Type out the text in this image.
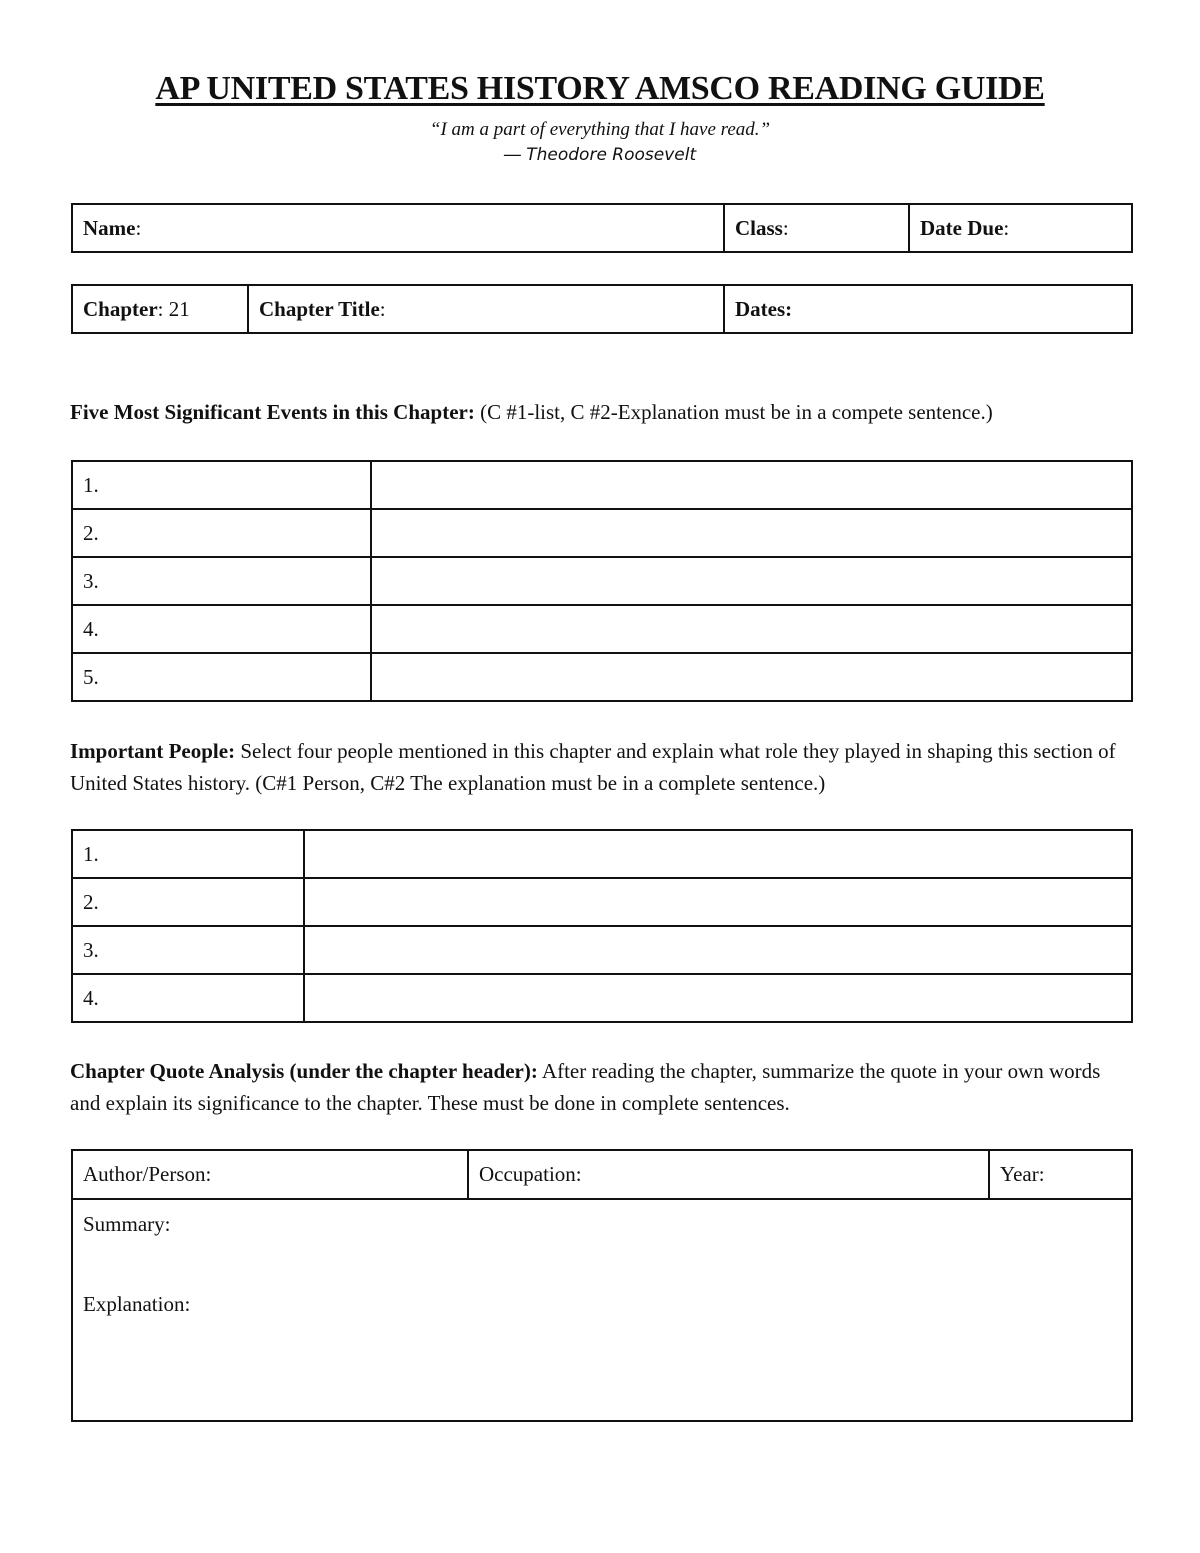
AP UNITED STATES HISTORY AMSCO READING GUIDE
“I am a part of everything that I have read.”
― Theodore Roosevelt
Name:	Class:	Date Due:
Chapter: 21	Chapter Title:	Dates:
Five Most Significant Events in this Chapter: (C #1-list, C #2-Explanation must be in a compete sentence.)
1.	
2.	
3.	
4.	
5.	
Important People: Select four people mentioned in this chapter and explain what role they played in shaping this section of United States history. (C#1 Person, C#2 The explanation must be in a complete sentence.)
1.	
2.	
3.	
4.	
Chapter Quote Analysis (under the chapter header): After reading the chapter, summarize the quote in your own words and explain its significance to the chapter. These must be done in complete sentences.
Author/Person:	Occupation:	Year:

Summary:
Explanation:
